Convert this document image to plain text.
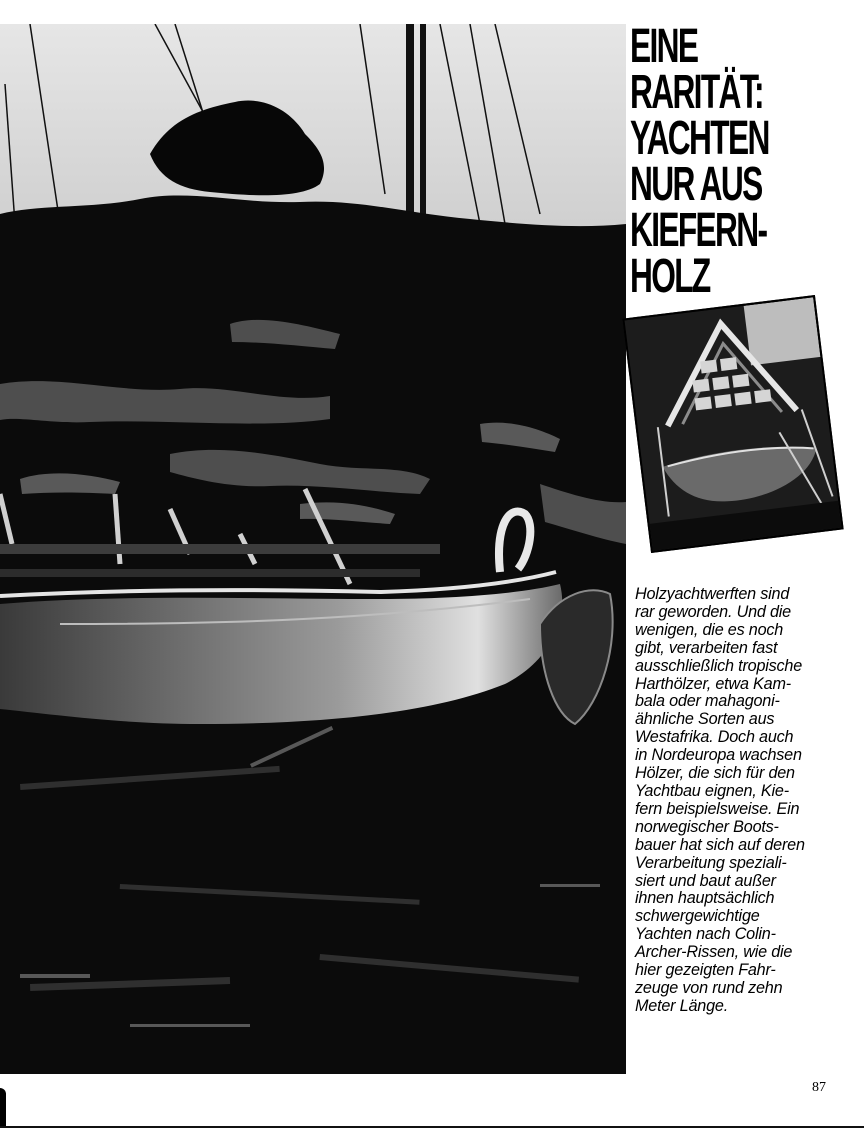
EINE
RARITÄT:
YACHTEN
NUR AUS
KIEFERN-
HOLZ

Holzyachtwerften sind
rar geworden. Und die
wenigen, die es noch
gibt, verarbeiten fast
ausschließlich tropische
Harthölzer, etwa Kam-
bala oder mahagoni-
ähnliche Sorten aus
Westafrika. Doch auch
in Nordeuropa wachsen
Hölzer, die sich für den
Yachtbau eignen, Kie-
fern beispielsweise. Ein
norwegischer Boots-
bauer hat sich auf deren
Verarbeitung speziali-
siert und baut außer
ihnen hauptsächlich
schwergewichtige
Yachten nach Colin-
Archer-Rissen, wie die
hier gezeigten Fahr-
zeuge von rund zehn
Meter Länge.

87
